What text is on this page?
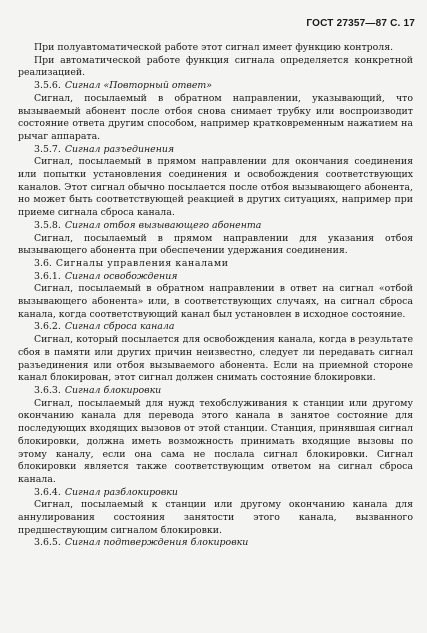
ГОСТ 27357—87 С. 17
При полуавтоматической работе этот сигнал имеет функцию контроля.
При автоматической работе функция сигнала определяется конкретной реализацией.
3.5.6. Сигнал «Повторный ответ»
Сигнал, посылаемый в обратном направлении, указывающий, что вызываемый абонент после отбоя снова снимает трубку или воспроизводит состояние ответа другим способом, например кратковременным нажатием на рычаг аппарата.
3.5.7. Сигнал разъединения
Сигнал, посылаемый в прямом направлении для окончания соединения или попытки установления соединения и освобождения соответствующих каналов. Этот сигнал обычно посылается после отбоя вызывающего абонента, но может быть соответствующей реакцией в других ситуациях, например при приеме сигнала сброса канала.
3.5.8. Сигнал отбоя вызывающего абонента
Сигнал, посылаемый в прямом направлении для указания отбоя вызывающего абонента при обеспечении удержания соединения.
3.6. Сигналы управления каналами
3.6.1. Сигнал освобождения
Сигнал, посылаемый в обратном направлении в ответ на сигнал «отбой вызывающего абонента» или, в соответствующих случаях, на сигнал сброса канала, когда соответствующий канал был установлен в исходное состояние.
3.6.2. Сигнал сброса канала
Сигнал, который посылается для освобождения канала, когда в результате сбоя в памяти или других причин неизвестно, следует ли передавать сигнал разъединения или отбоя вызываемого абонента. Если на приемной стороне канал блокирован, этот сигнал должен снимать состояние блокировки.
3.6.3. Сигнал блокировки
Сигнал, посылаемый для нужд техобслуживания к станции или другому окончанию канала для перевода этого канала в занятое состояние для последующих входящих вызовов от этой станции. Станция, принявшая сигнал блокировки, должна иметь возможность принимать входящие вызовы по этому каналу, если она сама не послала сигнал блокировки. Сигнал блокировки является также соответствующим ответом на сигнал сброса канала.
3.6.4. Сигнал разблокировки
Сигнал, посылаемый к станции или другому окончанию канала для аннулирования состояния занятости этого канала, вызванного предшествующим сигналом блокировки.
3.6.5. Сигнал подтверждения блокировки
